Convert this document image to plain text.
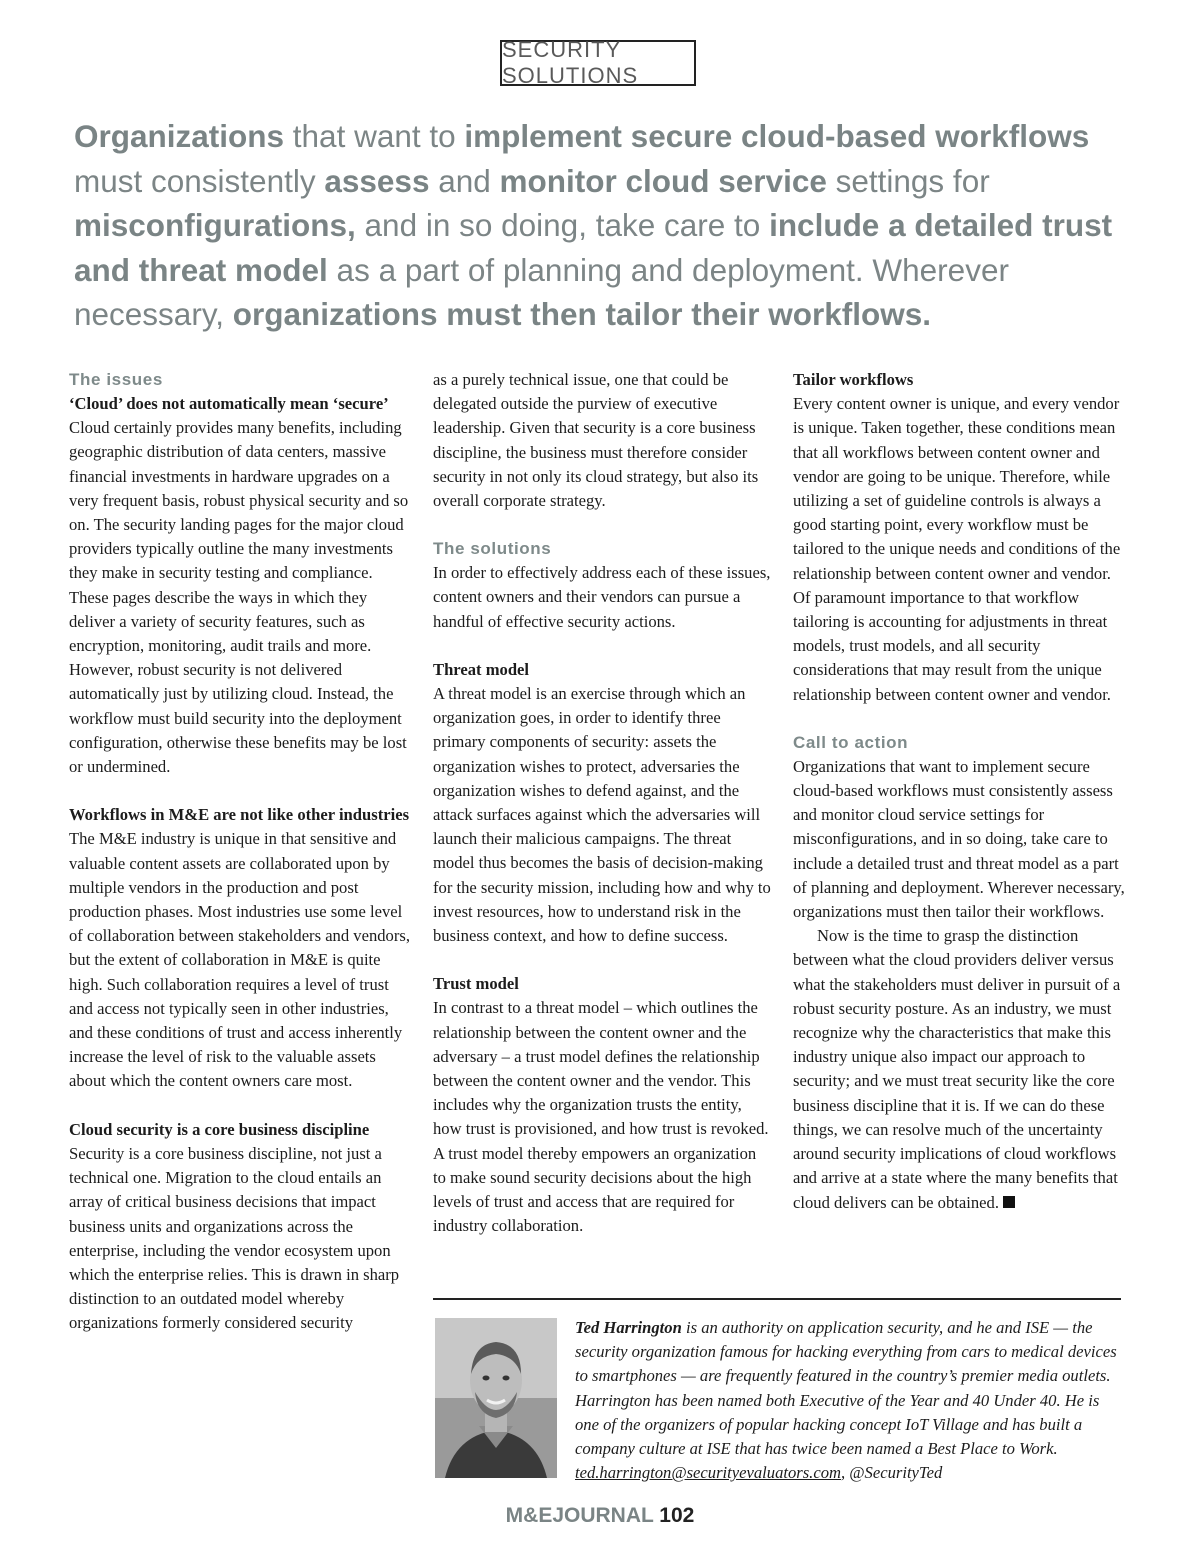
SECURITY SOLUTIONS

Organizations that want to implement secure cloud-based workflows must consistently assess and monitor cloud service settings for misconfigurations, and in so doing, take care to include a detailed trust and threat model as a part of planning and deployment. Wherever necessary, organizations must then tailor their workflows.

The issues

‘Cloud’ does not automatically mean ‘secure’

Cloud certainly provides many benefits, including geographic distribution of data centers, massive financial investments in hardware upgrades on a very frequent basis, robust physical security and so on. The security landing pages for the major cloud providers typically outline the many investments they make in security testing and compliance. These pages describe the ways in which they deliver a variety of security features, such as encryption, monitoring, audit trails and more. However, robust security is not delivered automatically just by utilizing cloud. Instead, the workflow must build security into the deployment configuration, otherwise these benefits may be lost or undermined.

Workflows in M&E are not like other industries

The M&E industry is unique in that sensitive and valuable content assets are collaborated upon by multiple vendors in the production and post production phases. Most industries use some level of collaboration between stakeholders and vendors, but the extent of collaboration in M&E is quite high. Such collaboration requires a level of trust and access not typically seen in other industries, and these conditions of trust and access inherently increase the level of risk to the valuable assets about which the content owners care most.

Cloud security is a core business discipline

Security is a core business discipline, not just a technical one. Migration to the cloud entails an array of critical business decisions that impact business units and organizations across the enterprise, including the vendor ecosystem upon which the enterprise relies. This is drawn in sharp distinction to an outdated model whereby organizations formerly considered security

as a purely technical issue, one that could be delegated outside the purview of executive leadership. Given that security is a core business discipline, the business must therefore consider security in not only its cloud strategy, but also its overall corporate strategy.

The solutions

In order to effectively address each of these issues, content owners and their vendors can pursue a handful of effective security actions.

Threat model

A threat model is an exercise through which an organization goes, in order to identify three primary components of security: assets the organization wishes to protect, adversaries the organization wishes to defend against, and the attack surfaces against which the adversaries will launch their malicious campaigns. The threat model thus becomes the basis of decision-making for the security mission, including how and why to invest resources, how to understand risk in the business context, and how to define success.

Trust model

In contrast to a threat model – which outlines the relationship between the content owner and the adversary – a trust model defines the relationship between the content owner and the vendor. This includes why the organization trusts the entity, how trust is provisioned, and how trust is revoked. A trust model thereby empowers an organization to make sound security decisions about the high levels of trust and access that are required for industry collaboration.

Tailor workflows

Every content owner is unique, and every vendor is unique. Taken together, these conditions mean that all workflows between content owner and vendor are going to be unique. Therefore, while utilizing a set of guideline controls is always a good starting point, every workflow must be tailored to the unique needs and conditions of the relationship between content owner and vendor. Of paramount importance to that workflow tailoring is accounting for adjustments in threat models, trust models, and all security considerations that may result from the unique relationship between content owner and vendor.

Call to action

Organizations that want to implement secure cloud-based workflows must consistently assess and monitor cloud service settings for misconfigurations, and in so doing, take care to include a detailed trust and threat model as a part of planning and deployment. Wherever necessary, organizations must then tailor their workflows.

Now is the time to grasp the distinction between what the cloud providers deliver versus what the stakeholders must deliver in pursuit of a robust security posture. As an industry, we must recognize why the characteristics that make this industry unique also impact our approach to security; and we must treat security like the core business discipline that it is. If we can do these things, we can resolve much of the uncertainty around security implications of cloud workflows and arrive at a state where the many benefits that cloud delivers can be obtained.

Ted Harrington is an authority on application security, and he and ISE — the security organization famous for hacking everything from cars to medical devices to smartphones — are frequently featured in the country’s premier media outlets. Harrington has been named both Executive of the Year and 40 Under 40. He is one of the organizers of popular hacking concept IoT Village and has built a company culture at ISE that has twice been named a Best Place to Work. ted.harrington@securityevaluators.com, @SecurityTed

M&EJOURNAL 102
